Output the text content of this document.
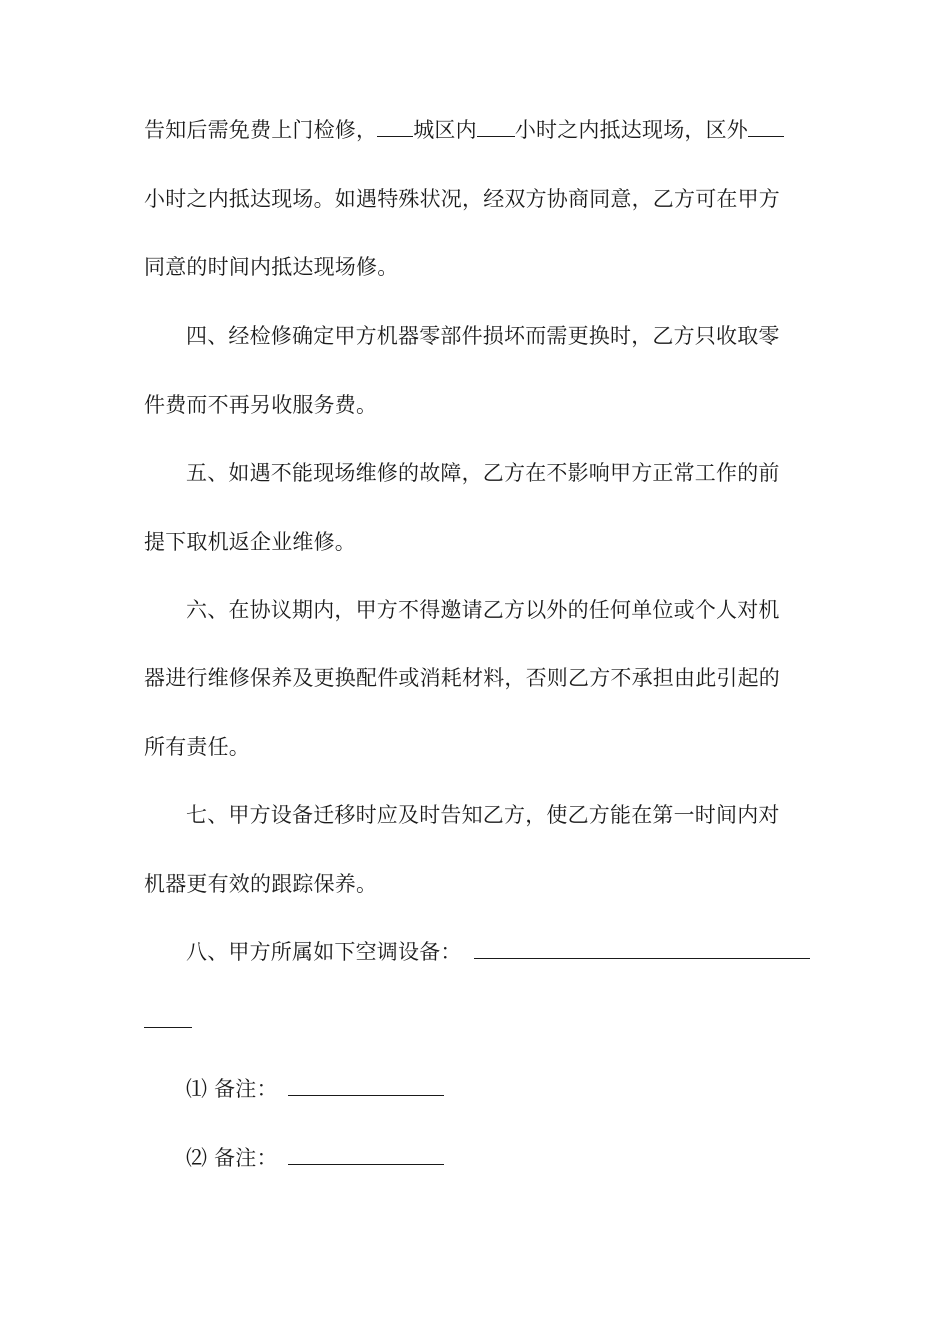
告知后需免费上门检修， 城区内 小时之内抵达现场，区外
小时之内抵达现场。如遇特殊状况，经双方协商同意，乙方可在甲方
同意的时间内抵达现场修。
四、经检修确定甲方机器零部件损坏而需更换时，乙方只收取零
件费而不再另收服务费。
五、如遇不能现场维修的故障，乙方在不影响甲方正常工作的前
提下取机返企业维修。
六、在协议期内，甲方不得邀请乙方以外的任何单位或个人对机
器进行维修保养及更换配件或消耗材料，否则乙方不承担由此引起的
所有责任。
七、甲方设备迁移时应及时告知乙方，使乙方能在第一时间内对
机器更有效的跟踪保养。
八、甲方所属如下空调设备：
⑴ 备注：
⑵ 备注：
